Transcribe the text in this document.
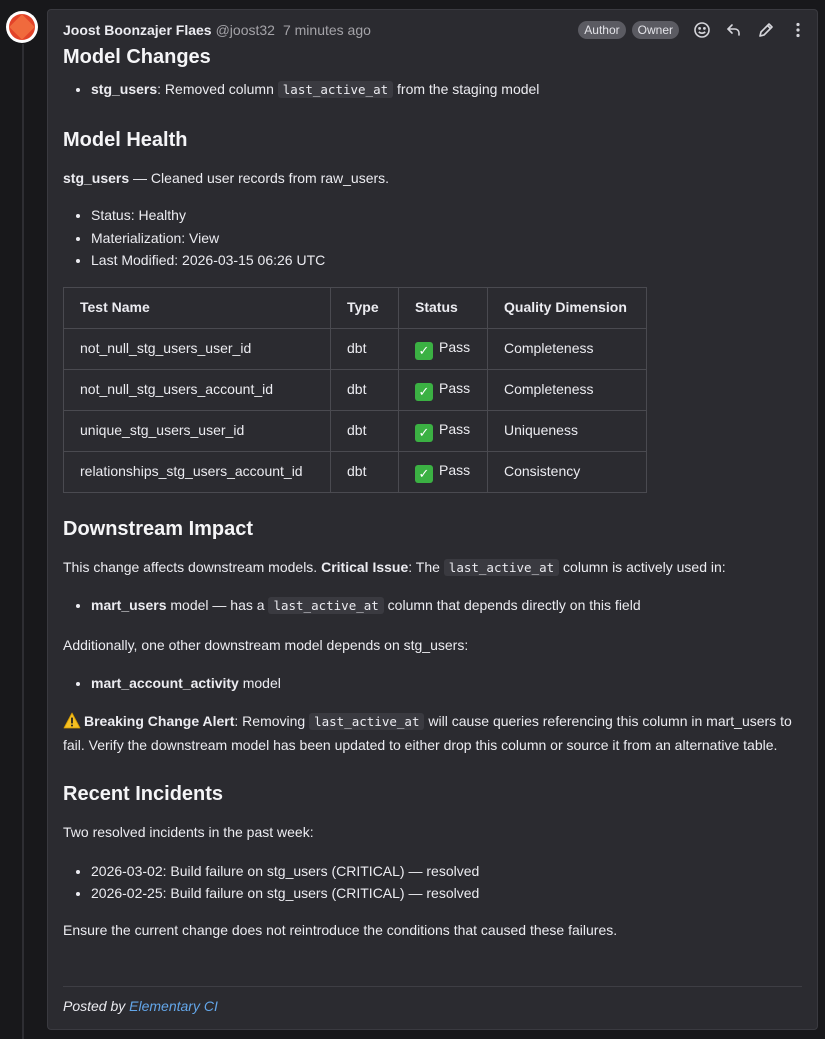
Joost Boonzajer Flaes @joost32 7 minutes ago	Author	Owner
Model Changes
• stg_users: Removed column last_active_at from the staging model
Model Health

stg_users — Cleaned user records from raw_users.

• Status: Healthy
• Materialization: View
• Last Modified: 2026-03-15 06:26 UTC
Test Name	Type	Status	Quality Dimension
not_null_stg_users_user_id	dbt	✓ Pass	Completeness
not_null_stg_users_account_id	dbt	✓ Pass	Completeness
unique_stg_users_user_id	dbt	✓ Pass	Uniqueness
relationships_stg_users_account_id	dbt	✓ Pass	Consistency
Downstream Impact

This change affects downstream models. Critical Issue: The last_active_at column is actively used in:

• mart_users model — has a last_active_at column that depends directly on this field

Additionally, one other downstream model depends on stg_users:

• mart_account_activity model

Breaking Change Alert: Removing last_active_at will cause queries referencing this column in mart_users to fail. Verify the downstream model has been updated to either drop this column or source it from an alternative table.

Recent Incidents

Two resolved incidents in the past week:

• 2026-03-02: Build failure on stg_users (CRITICAL) — resolved
• 2026-02-25: Build failure on stg_users (CRITICAL) — resolved

Ensure the current change does not reintroduce the conditions that caused these failures.

Posted by Elementary CI
